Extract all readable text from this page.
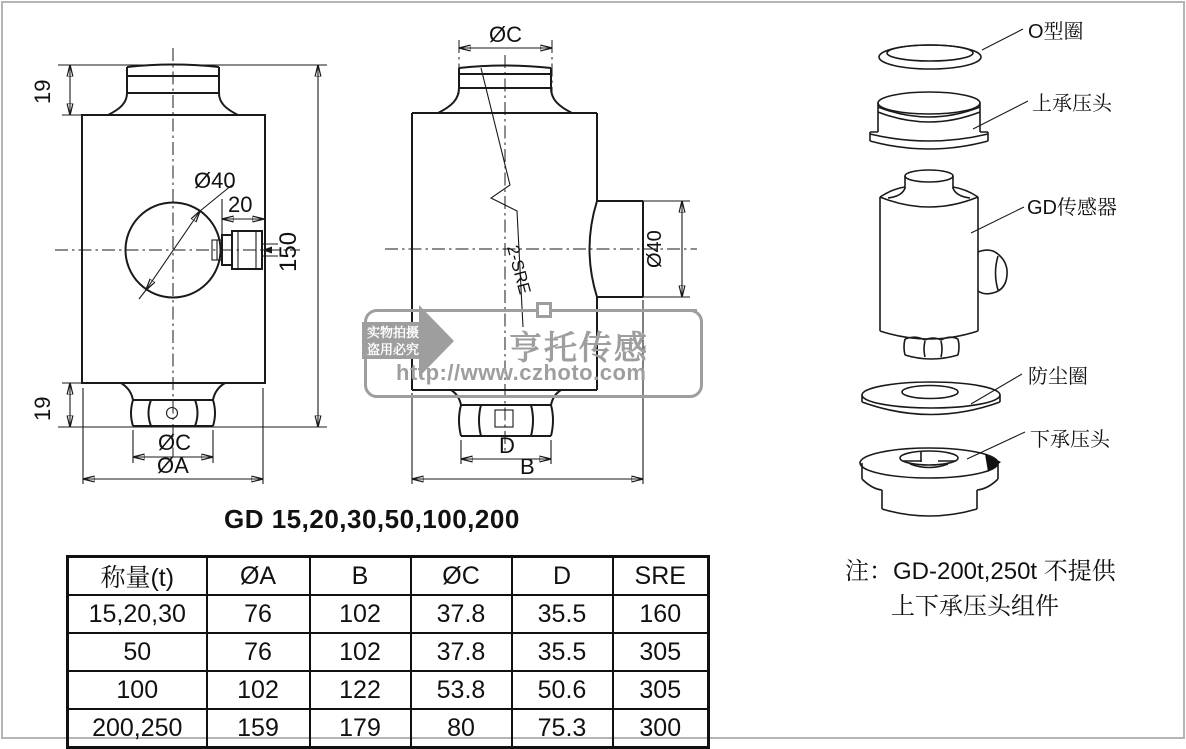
19
19
150
Ø40
20
ØC
ØA
ØC
Ø40
2-SRE
D
B
O型圈
上承压头
GD传感器
防尘圈
下承压头
实物拍摄
盗用必究	亨托传感
http://www.czhoto.com
GD 15,20,30,50,100,200
注：GD-200t,250t 不提供
上下承压头组件
称量(t)	ØA	B	ØC	D	SRE
15,20,30	76	102	37.8	35.5	160
50	76	102	37.8	35.5	305
100	102	122	53.8	50.6	305
200,250	159	179	80	75.3	300
